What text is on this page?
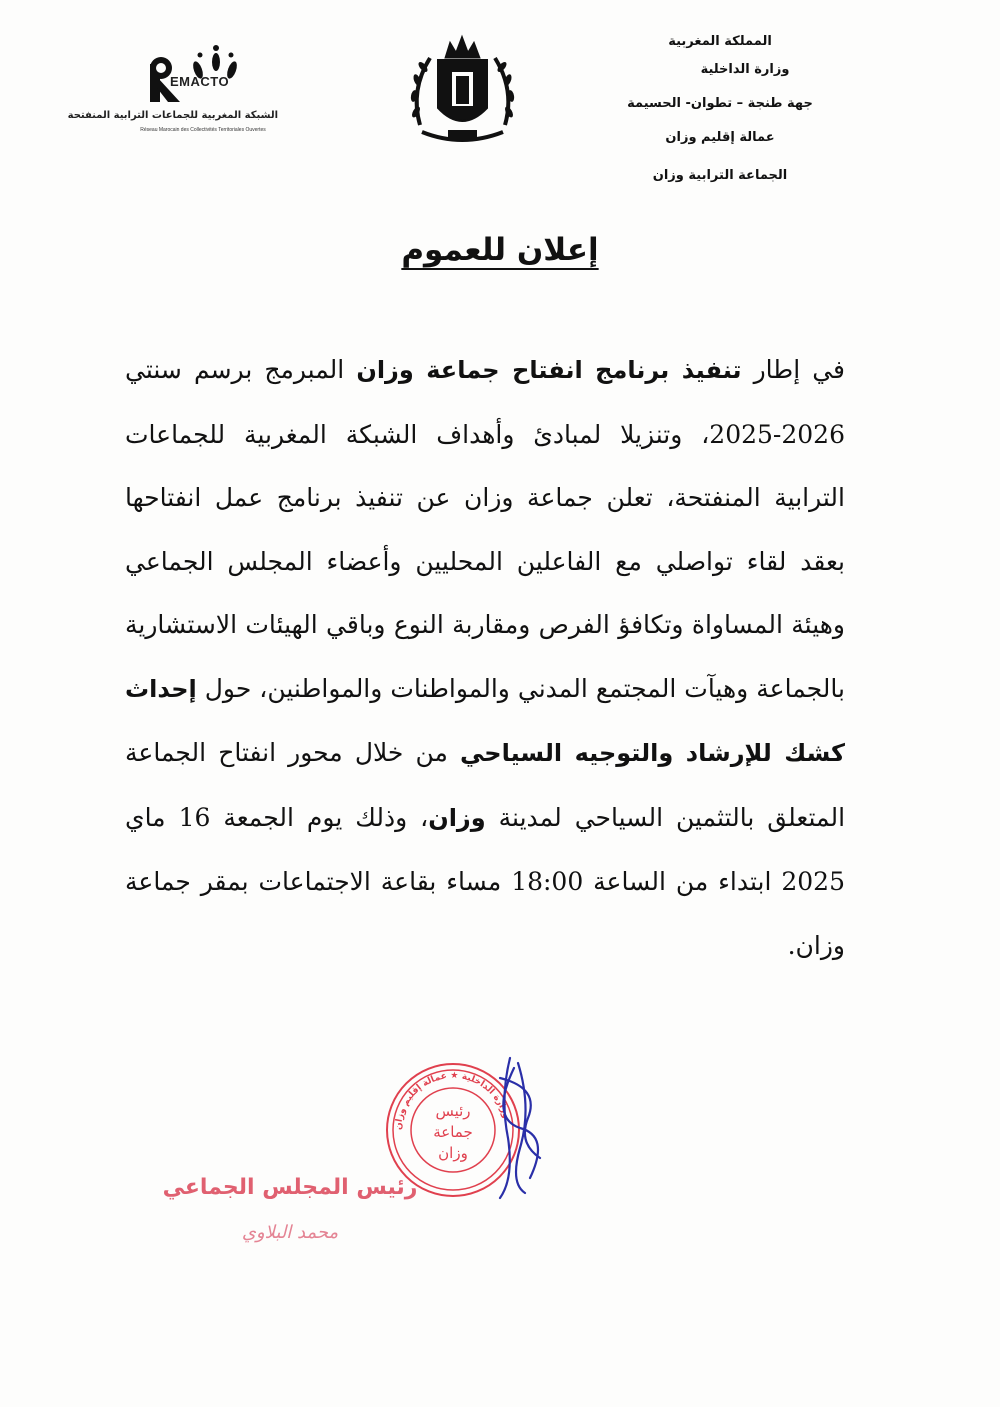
المملكة المغربية
وزارة الداخلية
جهة طنجة – تطوان- الحسيمة
عمالة إقليم وزان
الجماعة الترابية وزان
EMACTO
الشبكة المغربية للجماعات الترابية المنفتحة
Réseau Marocain des Collectivités Territoriales Ouvertes
إعلان للعموم
في إطار تنفيذ برنامج انفتاح جماعة وزان المبرمج برسم سنتي 2026-2025، وتنزيلا لمبادئ وأهداف الشبكة المغربية للجماعات الترابية المنفتحة، تعلن جماعة وزان عن تنفيذ برنامج عمل انفتاحها بعقد لقاء تواصلي مع الفاعلين المحليين وأعضاء المجلس الجماعي وهيئة المساواة وتكافؤ الفرص ومقاربة النوع وباقي الهيئات الاستشارية بالجماعة وهيآت المجتمع المدني والمواطنات والمواطنين، حول إحداث كشك للإرشاد والتوجيه السياحي من خلال محور انفتاح الجماعة المتعلق بالتثمين السياحي لمدينة وزان، وذلك يوم الجمعة 16 ماي 2025 ابتداء من الساعة 18:00 مساء بقاعة الاجتماعات بمقر جماعة وزان.
وزارة الداخلية ★ عمالة إقليم وزان
رئيس
جماعة
وزان
رئيس المجلس الجماعي
محمد البلاوي
